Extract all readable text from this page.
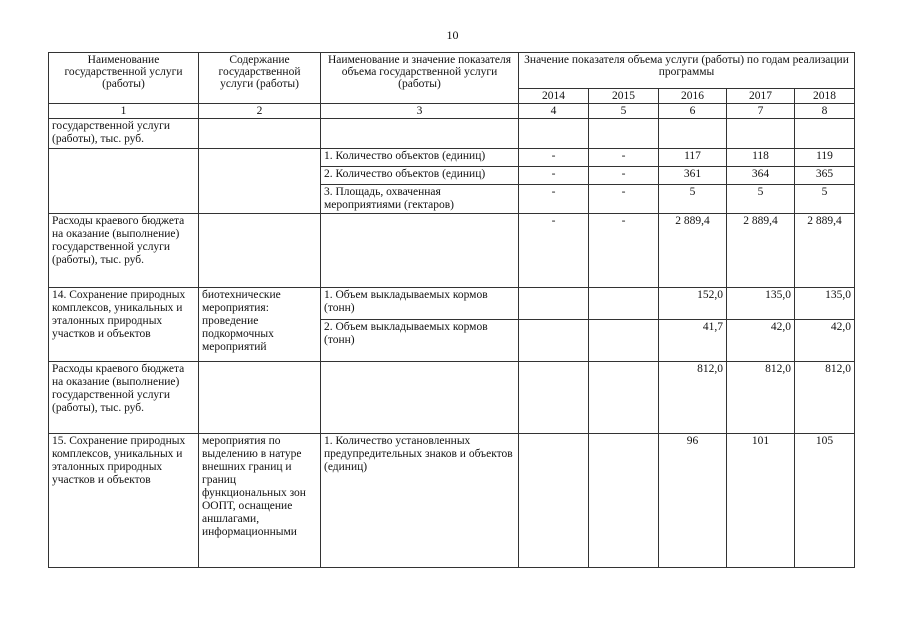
10
Наименование государственной услуги (работы)	Содержание государственной услуги (работы)	Наименование и значение показателя объема государственной услуги (работы)	Значение показателя объема услуги (работы) по годам реализации программы				
			2014	2015	2016	2017	2018
1	2	3	4	5	6	7	8
государственной услуги (работы), тыс. руб.							
		1. Количество объектов (единиц)	-	-	117	118	119
		2. Количество объектов (единиц)	-	-	361	364	365
		3. Площадь, охваченная мероприятиями (гектаров)	-	-	5	5	5
Расходы краевого бюджета на оказание (выполнение) государственной услуги (работы), тыс. руб.			-	-	2 889,4	2 889,4	2 889,4
14. Сохранение природных комплексов, уникальных и эталонных природных участков и объектов	биотехнические мероприятия: проведение подкормочных мероприятий	1. Объем выкладываемых кормов (тонн)			152,0	135,0	135,0
		2. Объем выкладываемых кормов (тонн)			41,7	42,0	42,0
Расходы краевого бюджета на оказание (выполнение) государственной услуги (работы), тыс. руб.					812,0	812,0	812,0
15. Сохранение природных комплексов, уникальных и эталонных природных участков и объектов	мероприятия по выделению в натуре внешних границ и границ функциональных зон ООПТ, оснащение аншлагами, информационными	1. Количество установленных предупредительных знаков и объектов (единиц)			96	101	105
